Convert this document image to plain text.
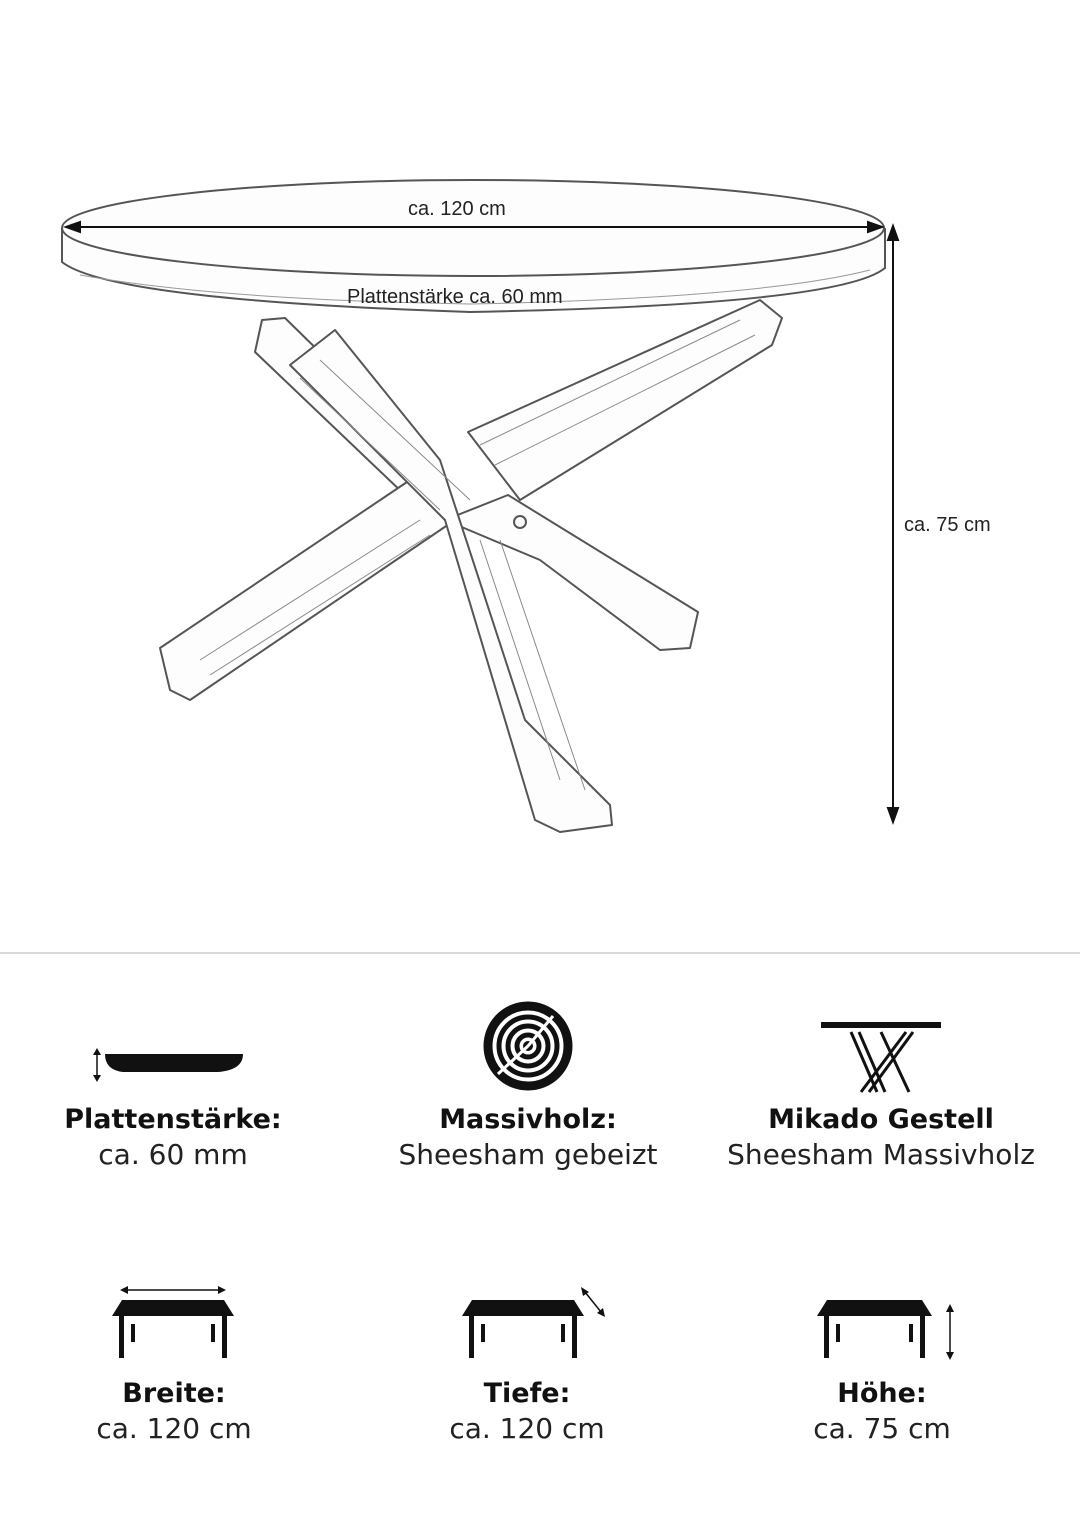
ca. 120 cm
Plattenstärke ca. 60 mm
ca. 75 cm
Plattenstärke:
ca. 60 mm
Massivholz:
Sheesham gebeizt
Mikado Gestell
Sheesham Massivholz
Breite:
ca. 120 cm
Tiefe:
ca. 120 cm
Höhe:
ca. 75 cm
